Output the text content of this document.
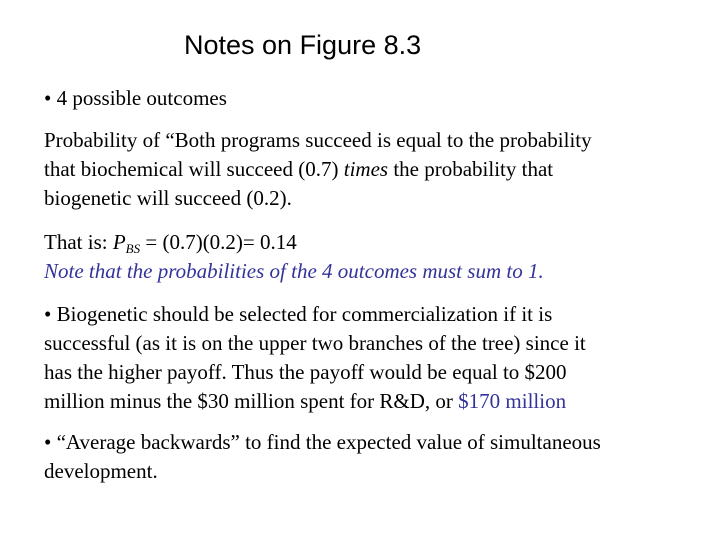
Notes on Figure 8.3
• 4 possible outcomes
Probability of “Both programs succeed is equal to the probability
that biochemical will succeed (0.7) times the probability that
biogenetic will succeed (0.2).
That is: $P_{BS} = (0.7)(0.2)= 0.14$
Note that the probabilities of the 4 outcomes must sum to 1.
• Biogenetic should be selected for commercialization if it is
successful (as it is on the upper two branches of the tree) since it
has the higher payoff. Thus the payoff would be equal to $200
million minus the $30 million spent for R&D, or $170 million
• “Average backwards” to find the expected value of simultaneous
development.
